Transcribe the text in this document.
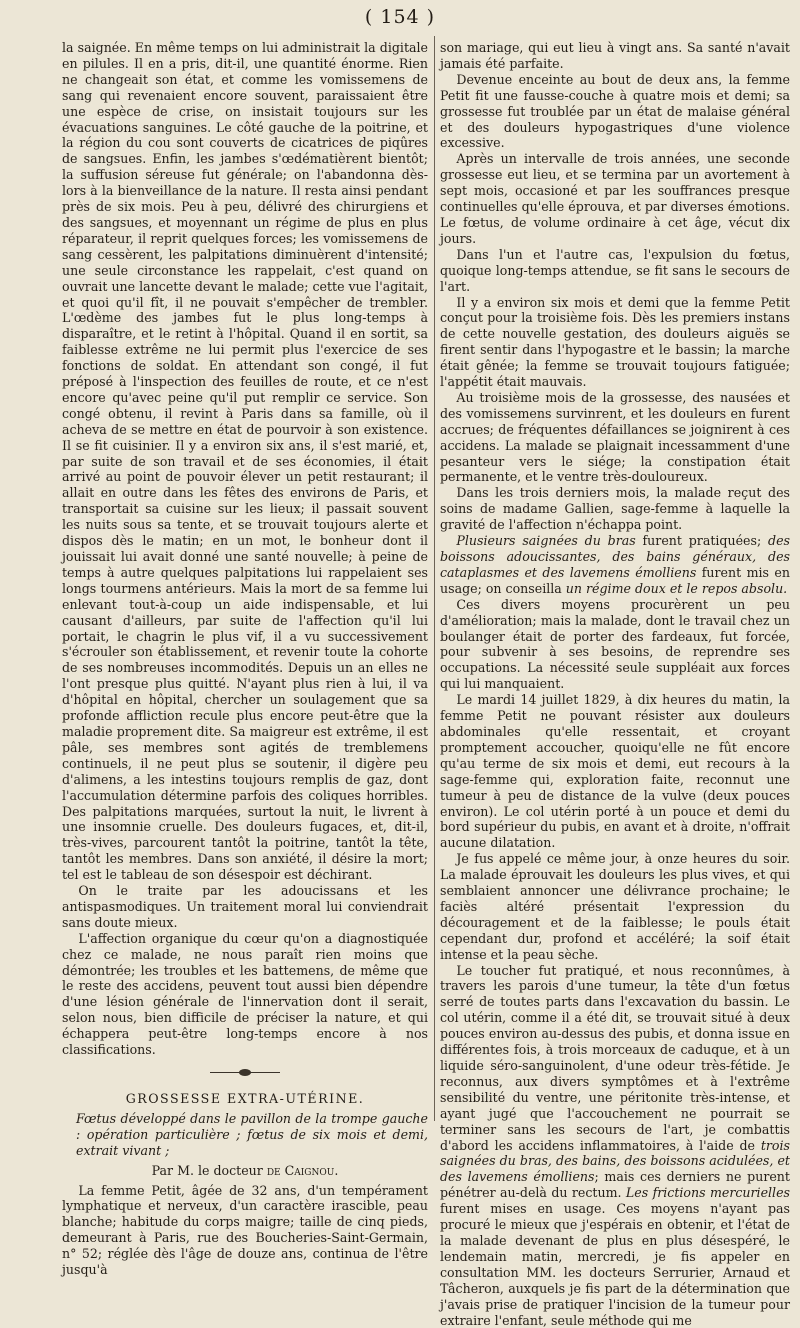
( 154 )

la saignée. En même temps on lui administrait la digitale en pilules. Il en a pris, dit-il, une quantité énorme. Rien ne changeait son état, et comme les vomissemens de sang qui revenaient encore souvent, paraissaient être une espèce de crise, on insistait toujours sur les évacuations sanguines. Le côté gauche de la poitrine, et la région du cou sont couverts de cicatrices de piqûres de sangsues. Enfin, les jambes s'œdématièrent bientôt; la suffusion séreuse fut générale; on l'abandonna dès-lors à la bienveillance de la nature. Il resta ainsi pendant près de six mois. Peu à peu, délivré des chirurgiens et des sangsues, et moyennant un régime de plus en plus réparateur, il reprit quelques forces; les vomissemens de sang cessèrent, les palpitations diminuèrent d'intensité; une seule circonstance les rappelait, c'est quand on ouvrait une lancette devant le malade; cette vue l'agitait, et quoi qu'il fît, il ne pouvait s'empêcher de trembler. L'œdème des jambes fut le plus long-temps à disparaître, et le retint à l'hôpital. Quand il en sortit, sa faiblesse extrême ne lui permit plus l'exercice de ses fonctions de soldat. En attendant son congé, il fut préposé à l'inspection des feuilles de route, et ce n'est encore qu'avec peine qu'il put remplir ce service. Son congé obtenu, il revint à Paris dans sa famille, où il acheva de se mettre en état de pourvoir à son existence. Il se fit cuisinier. Il y a environ six ans, il s'est marié, et, par suite de son travail et de ses économies, il était arrivé au point de pouvoir élever un petit restaurant; il allait en outre dans les fêtes des environs de Paris, et transportait sa cuisine sur les lieux; il passait souvent les nuits sous sa tente, et se trouvait toujours alerte et dispos dès le matin; en un mot, le bonheur dont il jouissait lui avait donné une santé nouvelle; à peine de temps à autre quelques palpitations lui rappelaient ses longs tourmens antérieurs. Mais la mort de sa femme lui enlevant tout-à-coup un aide indispensable, et lui causant d'ailleurs, par suite de l'affection qu'il lui portait, le chagrin le plus vif, il a vu successivement s'écrouler son établissement, et revenir toute la cohorte de ses nombreuses incommodités. Depuis un an elles ne l'ont presque plus quitté. N'ayant plus rien à lui, il va d'hôpital en hôpital, chercher un soulagement que sa profonde affliction recule plus encore peut-être que la maladie proprement dite. Sa maigreur est extrême, il est pâle, ses membres sont agités de tremblemens continuels, il ne peut plus se soutenir, il digère peu d'alimens, a les intestins toujours remplis de gaz, dont l'accumulation détermine parfois des coliques horribles. Des palpitations marquées, surtout la nuit, le livrent à une insomnie cruelle. Des douleurs fugaces, et, dit-il, très-vives, parcourent tantôt la poitrine, tantôt la tête, tantôt les membres. Dans son anxiété, il désire la mort; tel est le tableau de son désespoir est déchirant.

On le traite par les adoucissans et les antispasmodiques. Un traitement moral lui conviendrait sans doute mieux.

L'affection organique du cœur qu'on a diagnostiquée chez ce malade, ne nous paraît rien moins que démontrée; les troubles et les battemens, de même que le reste des accidens, peuvent tout aussi bien dépendre d'une lésion générale de l'innervation dont il serait, selon nous, bien difficile de préciser la nature, et qui échappera peut-être long-temps encore à nos classifications.

GROSSESSE EXTRA-UTÉRINE.

Fœtus développé dans le pavillon de la trompe gauche : opération particulière ; fœtus de six mois et demi, extrait vivant ;

Par M. le docteur de Caignou.

La femme Petit, âgée de 32 ans, d'un tempérament lymphatique et nerveux, d'un caractère irascible, peau blanche; habitude du corps maigre; taille de cinq pieds, demeurant à Paris, rue des Boucheries-Saint-Germain, n° 52; réglée dès l'âge de douze ans, continua de l'être jusqu'à

son mariage, qui eut lieu à vingt ans. Sa santé n'avait jamais été parfaite.

Devenue enceinte au bout de deux ans, la femme Petit fit une fausse-couche à quatre mois et demi; sa grossesse fut troublée par un état de malaise général et des douleurs hypogastriques d'une violence excessive.

Après un intervalle de trois années, une seconde grossesse eut lieu, et se termina par un avortement à sept mois, occasioné et par les souffrances presque continuelles qu'elle éprouva, et par diverses émotions. Le fœtus, de volume ordinaire à cet âge, vécut dix jours.

Dans l'un et l'autre cas, l'expulsion du fœtus, quoique long-temps attendue, se fit sans le secours de l'art.

Il y a environ six mois et demi que la femme Petit conçut pour la troisième fois. Dès les premiers instans de cette nouvelle gestation, des douleurs aiguës se firent sentir dans l'hypogastre et le bassin; la marche était gênée; la femme se trouvait toujours fatiguée; l'appétit était mauvais.

Au troisième mois de la grossesse, des nausées et des vomissemens survinrent, et les douleurs en furent accrues; de fréquentes défaillances se joignirent à ces accidens. La malade se plaignait incessamment d'une pesanteur vers le siége; la constipation était permanente, et le ventre très-douloureux.

Dans les trois derniers mois, la malade reçut des soins de madame Gallien, sage-femme à laquelle la gravité de l'affection n'échappa point.

Plusieurs saignées du bras furent pratiquées; des boissons adoucissantes, des bains généraux, des cataplasmes et des lavemens émolliens furent mis en usage; on conseilla un régime doux et le repos absolu.

Ces divers moyens procurèrent un peu d'amélioration; mais la malade, dont le travail chez un boulanger était de porter des fardeaux, fut forcée, pour subvenir à ses besoins, de reprendre ses occupations. La nécessité seule suppléait aux forces qui lui manquaient.

Le mardi 14 juillet 1829, à dix heures du matin, la femme Petit ne pouvant résister aux douleurs abdominales qu'elle ressentait, et croyant promptement accoucher, quoiqu'elle ne fût encore qu'au terme de six mois et demi, eut recours à la sage-femme qui, exploration faite, reconnut une tumeur à peu de distance de la vulve (deux pouces environ). Le col utérin porté à un pouce et demi du bord supérieur du pubis, en avant et à droite, n'offrait aucune dilatation.

Je fus appelé ce même jour, à onze heures du soir. La malade éprouvait les douleurs les plus vives, et qui semblaient annoncer une délivrance prochaine; le faciès altéré présentait l'expression du découragement et de la faiblesse; le pouls était cependant dur, profond et accéléré; la soif était intense et la peau sèche.

Le toucher fut pratiqué, et nous reconnûmes, à travers les parois d'une tumeur, la tête d'un fœtus serré de toutes parts dans l'excavation du bassin. Le col utérin, comme il a été dit, se trouvait situé à deux pouces environ au-dessus des pubis, et donna issue en différentes fois, à trois morceaux de caduque, et à un liquide séro-sanguinolent, d'une odeur très-fétide. Je reconnus, aux divers symptômes et à l'extrême sensibilité du ventre, une péritonite très-intense, et ayant jugé que l'accouchement ne pourrait se terminer sans les secours de l'art, je combattis d'abord les accidens inflammatoires, à l'aide de trois saignées du bras, des bains, des boissons acidulées, et des lavemens émolliens; mais ces derniers ne purent pénétrer au-delà du rectum. Les frictions mercurielles furent mises en usage. Ces moyens n'ayant pas procuré le mieux que j'espérais en obtenir, et l'état de la malade devenant de plus en plus désespéré, le lendemain matin, mercredi, je fis appeler en consultation MM. les docteurs Serrurier, Arnaud et Tâcheron, auxquels je fis part de la détermination que j'avais prise de pratiquer l'incision de la tumeur pour extraire l'enfant, seule méthode qui me
